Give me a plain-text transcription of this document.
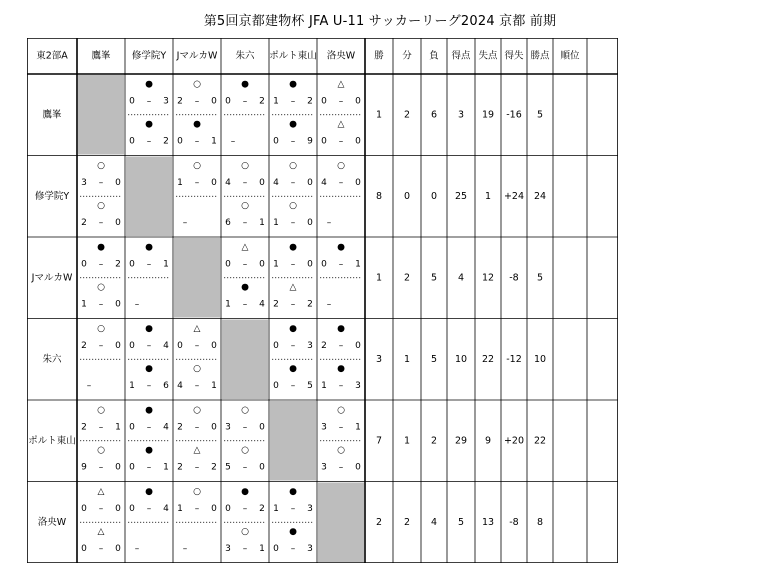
第5回京都建物杯 JFA U-11 サッカーリーグ2024 京都 前期
東2部A 鷹峯 修学院Y JマルカW 朱六 ポルト東山 洛央W 勝 分 負 得点 失点 得失 勝点 順位
鷹峯
●
0 – 3
●
0 – 2
○
2 – 0
●
0 – 1
●
0 – 2
–
●
1 – 2
●
0 – 9
△
0 – 0
△
0 – 0
1 2 6 3 19 -16 5
修学院Y
○
3 – 0
○
2 – 0
○
1 – 0
–
○
4 – 0
○
6 – 1
○
4 – 0
○
1 – 0
○
4 – 0
–
8 0 0 25 1 +24 24
JマルカW
●
0 – 2
○
1 – 0
●
0 – 1
–
△
0 – 0
●
1 – 4
●
1 – 0
△
2 – 2
●
0 – 1
–
1 2 5 4 12 -8 5
朱六
○
2 – 0
–
●
0 – 4
●
1 – 6
△
0 – 0
○
4 – 1
●
0 – 3
●
0 – 5
●
2 – 0
●
1 – 3
3 1 5 10 22 -12 10
ポルト東山
○
2 – 1
○
9 – 0
●
0 – 4
●
0 – 1
○
2 – 0
△
2 – 2
○
3 – 0
○
5 – 0
○
3 – 1
○
3 – 0
7 1 2 29 9 +20 22
洛央W
△
0 – 0
△
0 – 0
●
0 – 4
–
○
1 – 0
–
●
0 – 2
○
3 – 1
●
1 – 3
●
0 – 3
2 2 4 5 13 -8 8
